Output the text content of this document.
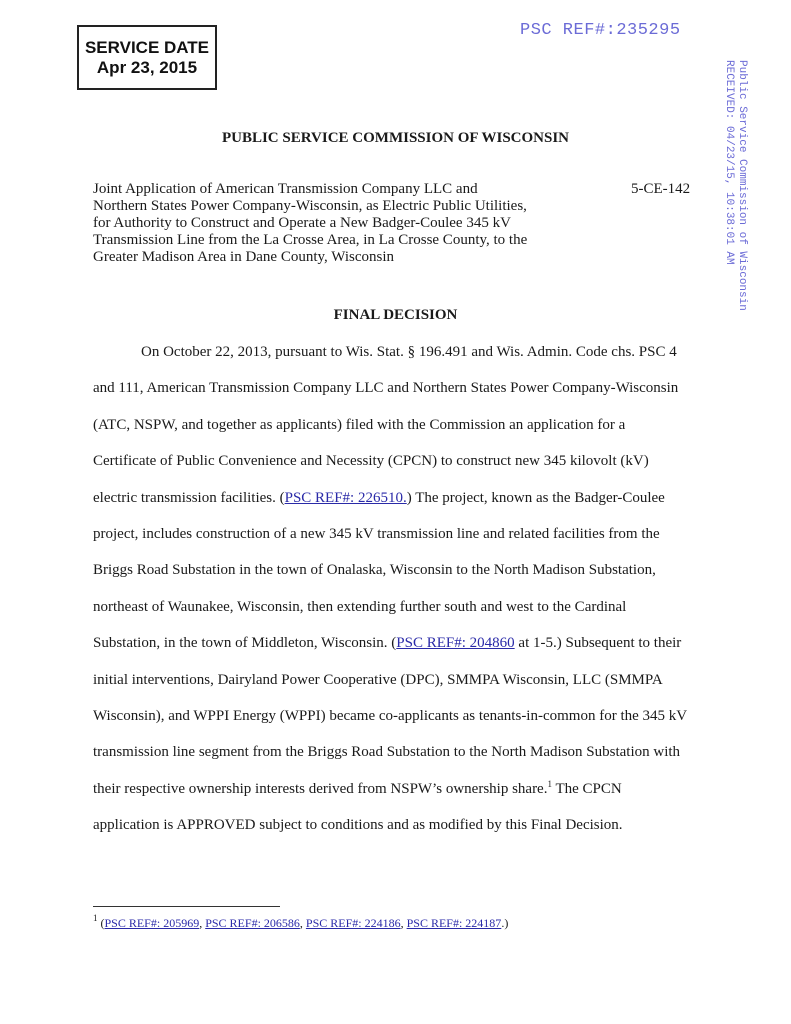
SERVICE DATE
Apr 23, 2015
PSC REF#:235295
Public Service Commission of Wisconsin
RECEIVED: 04/23/15, 10:38:01 AM
PUBLIC SERVICE COMMISSION OF WISCONSIN
Joint Application of American Transmission Company LLC and
Northern States Power Company-Wisconsin, as Electric Public Utilities,
for Authority to Construct and Operate a New Badger-Coulee 345 kV
Transmission Line from the La Crosse Area, in La Crosse County, to the
Greater Madison Area in Dane County, Wisconsin
5-CE-142
FINAL DECISION
On October 22, 2013, pursuant to Wis. Stat. § 196.491 and Wis. Admin. Code chs. PSC 4
and 111, American Transmission Company LLC and Northern States Power Company-Wisconsin
(ATC, NSPW, and together as applicants) filed with the Commission an application for a
Certificate of Public Convenience and Necessity (CPCN) to construct new 345 kilovolt (kV)
electric transmission facilities. (PSC REF#: 226510.) The project, known as the Badger-Coulee
project, includes construction of a new 345 kV transmission line and related facilities from the
Briggs Road Substation in the town of Onalaska, Wisconsin to the North Madison Substation,
northeast of Waunakee, Wisconsin, then extending further south and west to the Cardinal
Substation, in the town of Middleton, Wisconsin. (PSC REF#: 204860 at 1-5.) Subsequent to their
initial interventions, Dairyland Power Cooperative (DPC), SMMPA Wisconsin, LLC (SMMPA
Wisconsin), and WPPI Energy (WPPI) became co-applicants as tenants-in-common for the 345 kV
transmission line segment from the Briggs Road Substation to the North Madison Substation with
their respective ownership interests derived from NSPW’s ownership share.$^1$ The CPCN
application is APPROVED subject to conditions and as modified by this Final Decision.
$^1$ (PSC REF#: 205969, PSC REF#: 206586, PSC REF#: 224186, PSC REF#: 224187.)
